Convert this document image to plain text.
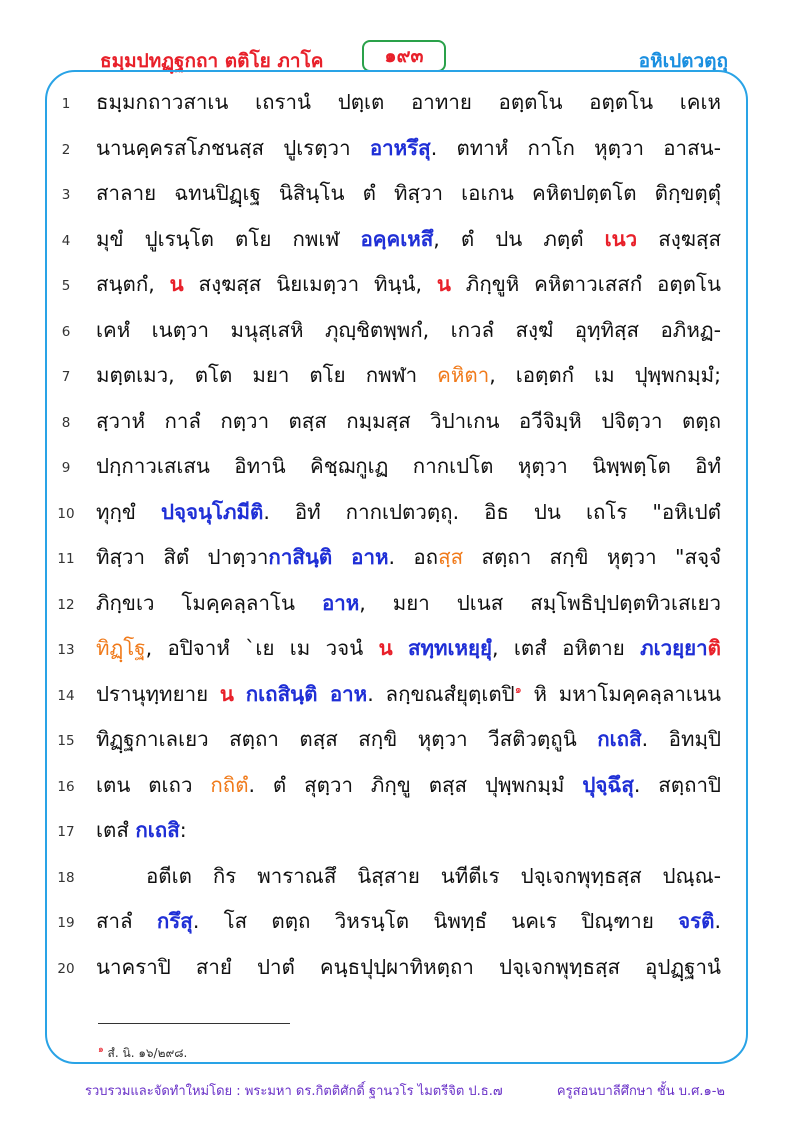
ธมฺมปทฏฺฐกถา ตติโย ภาโค	๑๙๓	อหิเปตวตฺถุ
1	ธมฺมกถาวสาเน เถรานํ ปตฺเต อาทาย อตฺตโน อตฺตโน เคเห
2	นานคฺครสโภชนสฺส ปูเรตฺวา อาหรึสุ. ตทาหํ กาโก หุตฺวา อาสน-
3	สาลาย ฉทนปิฏฺเฐ นิสินฺโน ตํ ทิสฺวา เอเกน คหิตปตฺตโต ติกฺขตฺตุํ
4	มุขํ ปูเรนฺโต ตโย กพเฬ อคฺคเหสึ, ตํ ปน ภตฺตํ เนว สงฺฆสฺส
5	สนฺตกํ, น สงฺฆสฺส นิยเมตฺวา ทินฺนํ, น ภิกฺขูหิ คหิตาวเสสกํ อตฺตโน
6	เคหํ เนตฺวา มนุสฺเสหิ ภุญฺชิตพฺพกํ, เกวลํ สงฺฆํ อุทฺทิสฺส อภิหฏ-
7	มตฺตเมว, ตโต มยา ตโย กพฬา คหิตา, เอตฺตกํ เม ปุพฺพกมฺมํ;
8	สฺวาหํ กาลํ กตฺวา ตสฺส กมฺมสฺส วิปาเกน อวีจิมฺหิ ปจิตฺวา ตตฺถ
9	ปกฺกาวเสเสน อิทานิ คิชฺฌกูเฏ กากเปโต หุตฺวา นิพฺพตฺโต อิทํ
10	ทุกฺขํ ปจฺจนุโภมีติ. อิทํ กากเปตวตฺถุ. อิธ ปน เถโร "อหิเปตํ
11	ทิสฺวา สิตํ ปาตฺวากาสินฺติ อาห. อถสฺส สตฺถา สกฺขิ หุตฺวา "สจฺจํ
12	ภิกฺขเว โมคฺคลฺลาโน อาห, มยา ปเนส สมฺโพธิปฺปตฺตทิวเสเยว
13	ทิฏฺโฐ, อปิจาหํ `เย เม วจนํ น สทฺทเหยฺยุํ, เตสํ อหิตาย ภเวยฺยาติ
14	ปรานุทฺทยาย น กเถสินฺติ อาห. ลกฺขณสํยุตฺเตปิ$^๑$ หิ มหาโมคฺคลฺลาเนน
15	ทิฏฺฐกาเลเยว สตฺถา ตสฺส สกฺขิ หุตฺวา วีสติวตฺถูนิ กเถสิ. อิทมฺปิ
16	เตน ตเถว กถิตํ. ตํ สุตฺวา ภิกฺขู ตสฺส ปุพฺพกมฺมํ ปุจฺฉึสุ. สตฺถาปิ
17	เตสํ กเถสิ:
18	อตีเต กิร พาราณสึ นิสฺสาย นทีตีเร ปจฺเจกพุทฺธสฺส ปณฺณ-
19	สาลํ กรึสุ. โส ตตฺถ วิหรนฺโต นิพทฺธํ นคเร ปิณฺฑาย จรติ.
20	นาคราปิ สายํ ปาตํ คนฺธปุปฺผาทิหตฺถา ปจฺเจกพุทฺธสฺส อุปฏฺฐานํ
$^๑$ สํ. นิ. ๑๖/๒๙๘.
รวบรวมและจัดทำใหม่โดย : พระมหา ดร.กิตติศักดิ์ ฐานวโร ไมตรีจิต ป.ธ.๗	ครูสอนบาลีศึกษา ชั้น บ.ศ.๑-๒
